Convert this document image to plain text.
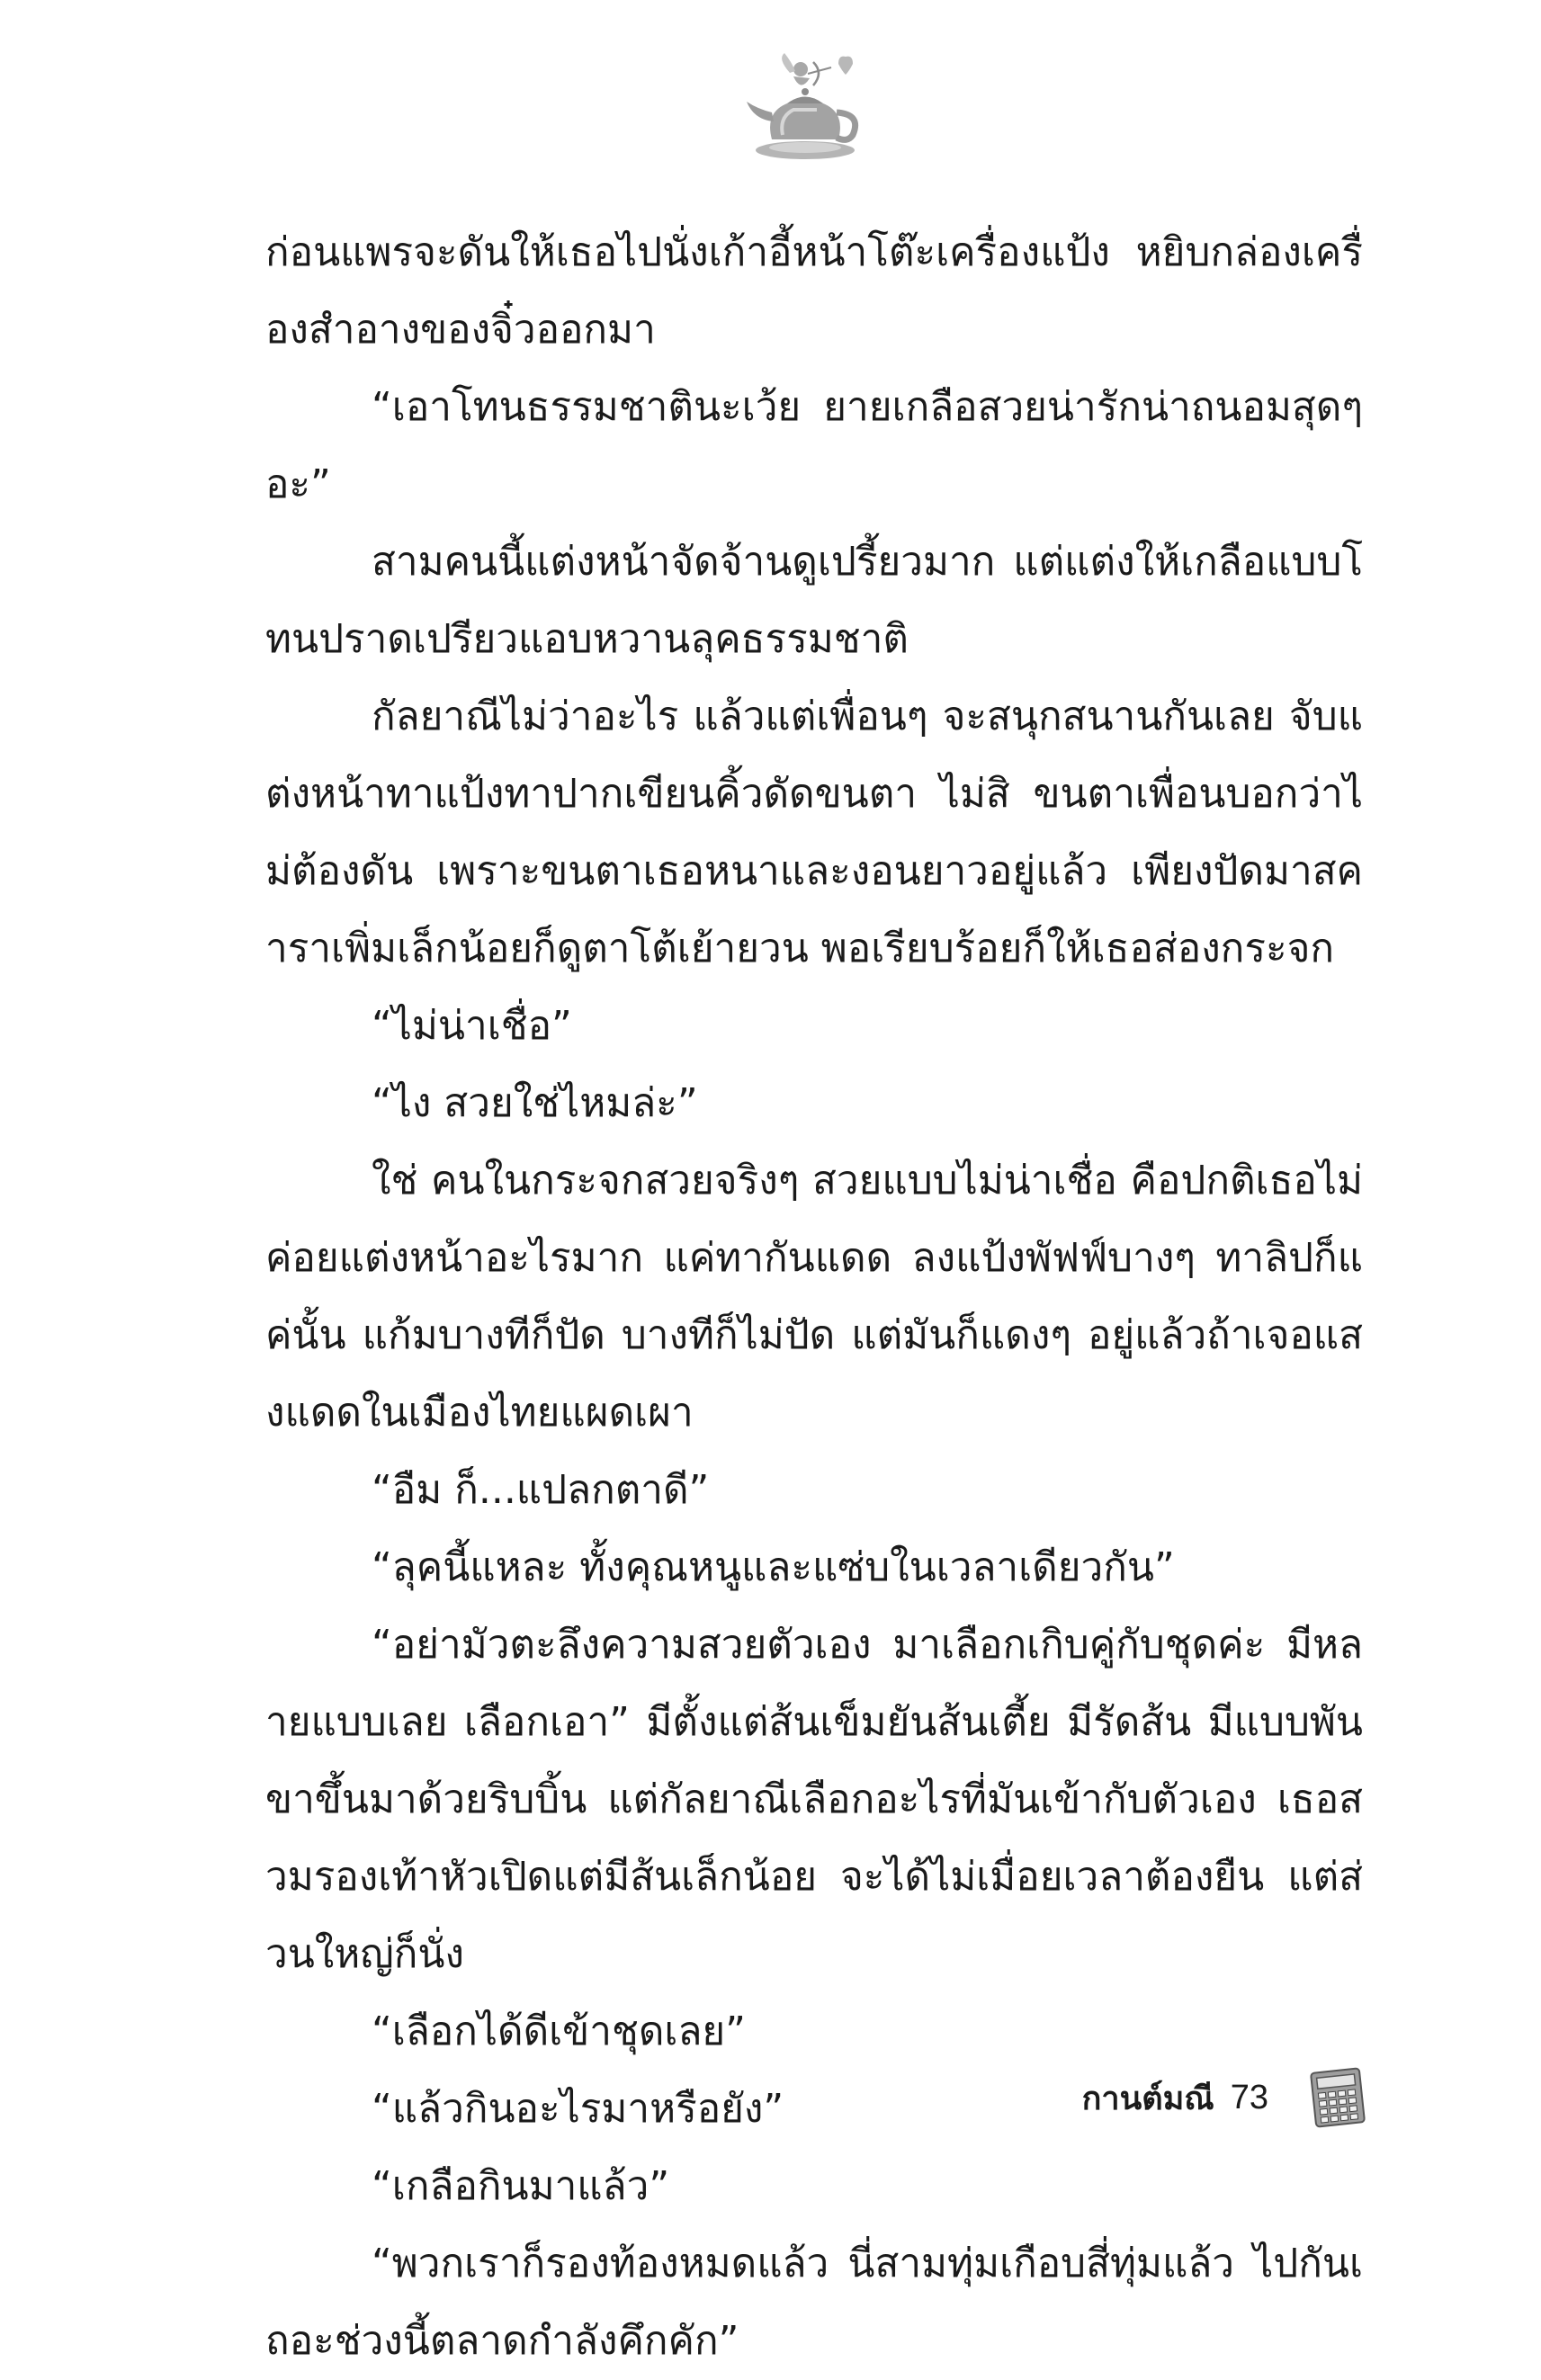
ก่อนแพรจะดันให้เธอไปนั่งเก้าอี้หน้าโต๊ะเครื่องแป้ง หยิบกล่องเครื่องสำอางของจิ๋วออกมา

“เอาโทนธรรมชาตินะเว้ย ยายเกลือสวยน่ารักน่าถนอมสุดๆ อะ”

สามคนนี้แต่งหน้าจัดจ้านดูเปรี้ยวมาก แต่แต่งให้เกลือแบบโทนปราดเปรียวแอบหวานลุคธรรมชาติ

กัลยาณีไม่ว่าอะไร แล้วแต่เพื่อนๆ จะสนุกสนานกันเลย จับแต่งหน้าทาแป้งทาปากเขียนคิ้วดัดขนตา ไม่สิ ขนตาเพื่อนบอกว่าไม่ต้องดัน เพราะขนตาเธอหนาและงอนยาวอยู่แล้ว เพียงปัดมาสคาราเพิ่มเล็กน้อยก็ดูตาโต้เย้ายวน พอเรียบร้อยก็ให้เธอส่องกระจก

“ไม่น่าเชื่อ”

“ไง สวยใช่ไหมล่ะ”

ใช่ คนในกระจกสวยจริงๆ สวยแบบไม่น่าเชื่อ คือปกติเธอไม่ค่อยแต่งหน้าอะไรมาก แค่ทากันแดด ลงแป้งพัฟฟ์บางๆ ทาลิปก็แค่นั้น แก้มบางทีก็ปัด บางทีก็ไม่ปัด แต่มันก็แดงๆ อยู่แล้วถ้าเจอแสงแดดในเมืองไทยแผดเผา

“อืม ก็...แปลกตาดี”

“ลุคนี้แหละ ทั้งคุณหนูและแซ่บในเวลาเดียวกัน”

“อย่ามัวตะลึงความสวยตัวเอง มาเลือกเกิบคู่กับชุดค่ะ มีหลายแบบเลย เลือกเอา” มีตั้งแต่ส้นเข็มยันส้นเตี้ย มีรัดส้น มีแบบพันขาขึ้นมาด้วยริบบิ้น แต่กัลยาณีเลือกอะไรที่มันเข้ากับตัวเอง เธอสวมรองเท้าหัวเปิดแต่มีส้นเล็กน้อย จะได้ไม่เมื่อยเวลาต้องยืน แต่ส่วนใหญ่ก็นั่ง

“เลือกได้ดีเข้าชุดเลย”

“แล้วกินอะไรมาหรือยัง”

“เกลือกินมาแล้ว”

“พวกเราก็รองท้องหมดแล้ว นี่สามทุ่มเกือบสี่ทุ่มแล้ว ไปกันเถอะช่วงนี้ตลาดกำลังคึกคัก”

กานต์มณี 73
